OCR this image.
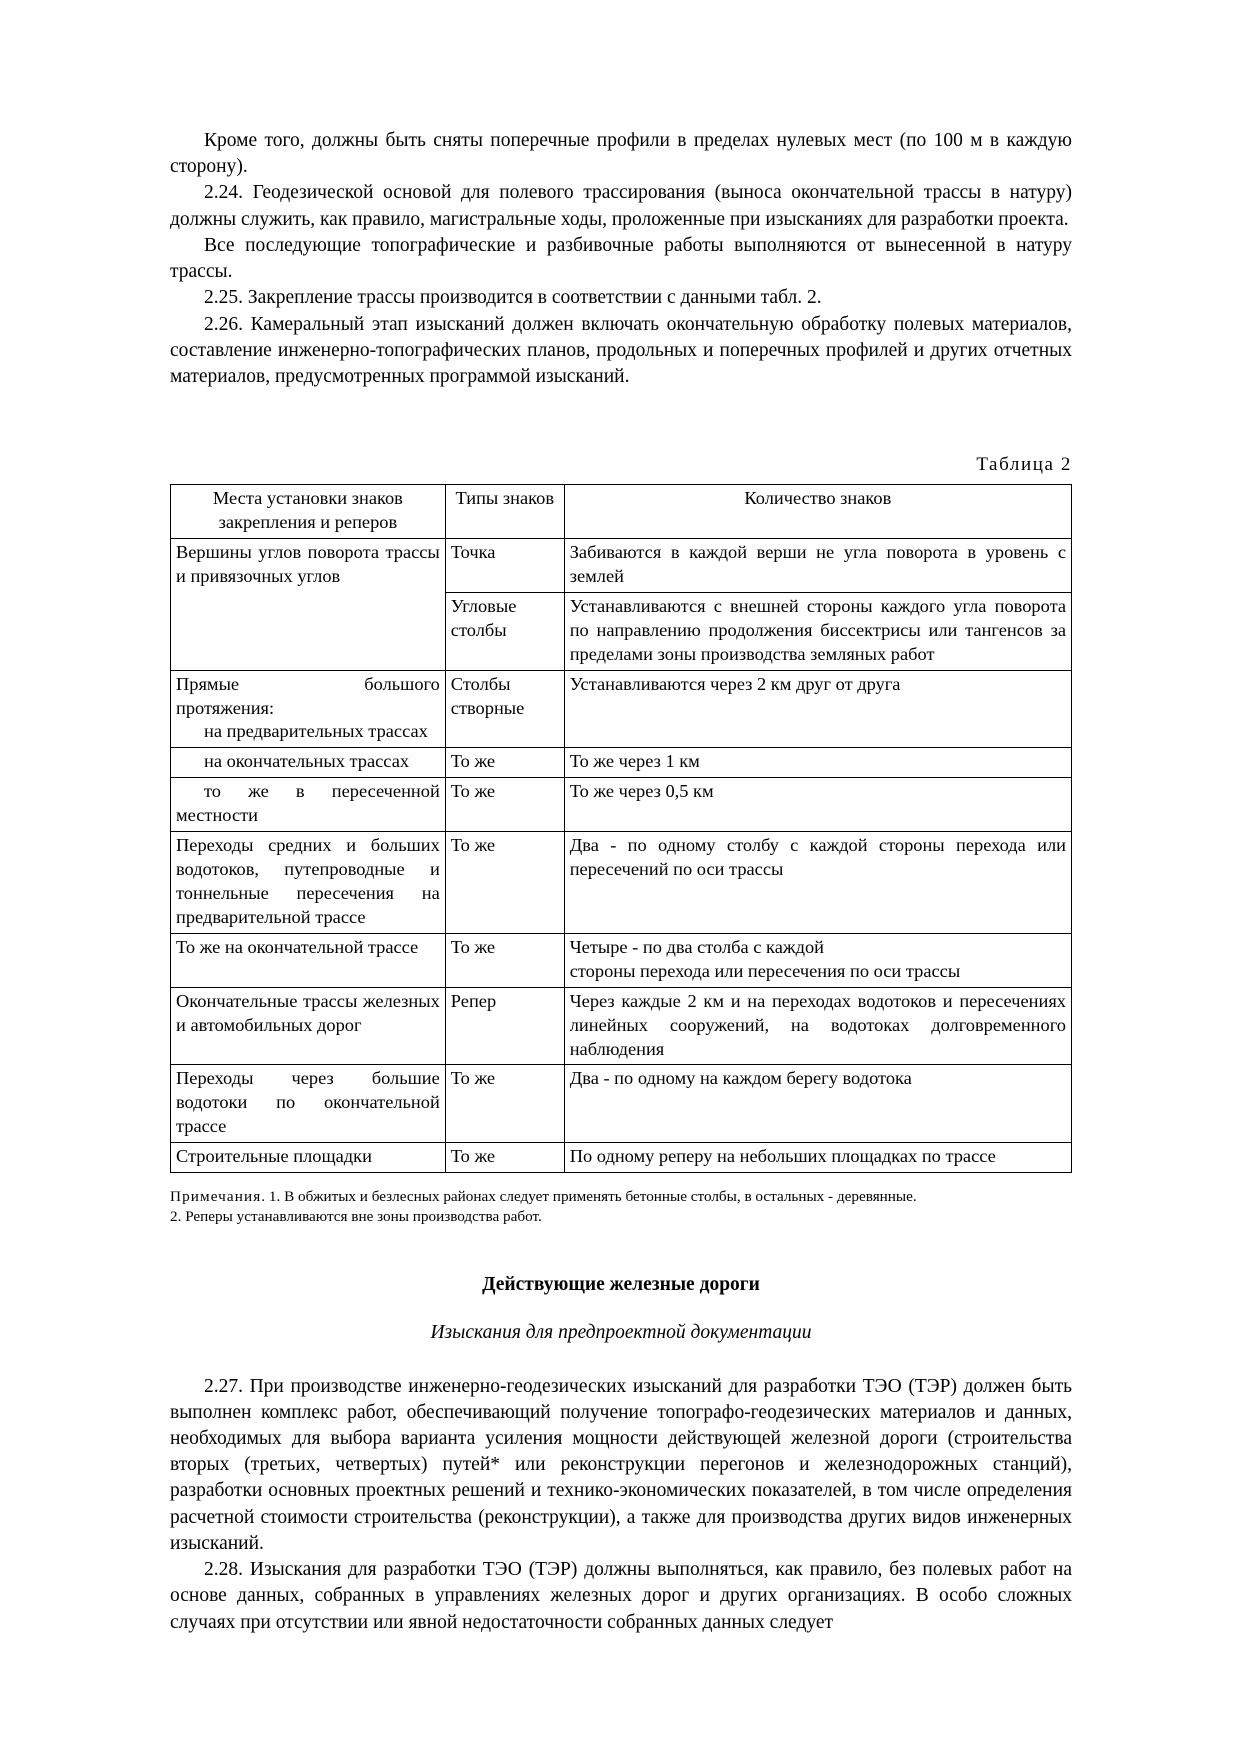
Кроме того, должны быть сняты поперечные профили в пределах нулевых мест (по 100 м в каждую сторону).

2.24. Геодезической основой для полевого трассирования (выноса окончательной трассы в натуру) должны служить, как правило, магистральные ходы, проложенные при изысканиях для разработки проекта.

Все последующие топографические и разбивочные работы выполняются от вынесенной в натуру трассы.

2.25. Закрепление трассы производится в соответствии с данными табл. 2.

2.26. Камеральный этап изысканий должен включать окончательную обработку полевых материалов, составление инженерно-топографических планов, продольных и поперечных профилей и других отчетных материалов, предусмотренных программой изысканий.

Таблица 2
Места установки знаков закрепления и реперов	Типы знаков	Количество знаков
Вершины углов поворота трассы и привязочных углов	Точка	Забиваются в каждой верши не угла поворота в уровень с землей
	Угловые столбы	Устанавливаются с внешней стороны каждого угла поворота по направлению продолжения биссектрисы или тангенсов за пределами зоны производства земляных работ

Прямые большого
протяжения:
на предварительных трассах	Столбы створные	Устанавливаются через 2 км друг от друга
на окончательных трассах	То же	То же через 1 км
то же в пересеченной местности	То же	То же через 0,5 км
Переходы средних и больших водотоков, путепроводные и тоннельные пересечения на предварительной трассе	То же	Два - по одному столбу с каждой стороны перехода или пересечений по оси трассы
То же на окончательной трассе	То же	Четыре - по два столба с каждой
стороны перехода или пересечения по оси трассы

Окончательные трассы железных и автомобильных дорог	Репер	Через каждые 2 км и на переходах водотоков и пересечениях линейных сооружений, на водотоках долговременного наблюдения
Переходы через большие водотоки по окончательной трассе	То же	Два - по одному на каждом берегу водотока
Строительные площадки	То же	По одному реперу на небольших площадках по трассе
Примечания. 1. В обжитых и безлесных районах следует применять бетонные столбы, в остальных - деревянные.
2. Реперы устанавливаются вне зоны производства работ.
Действующие железные дороги
Изыскания для предпроектной документации

2.27. При производстве инженерно-геодезических изысканий для разработки ТЭО (ТЭР) должен быть выполнен комплекс работ, обеспечивающий получение топографо-геодезических материалов и данных, необходимых для выбора варианта усиления мощности действующей железной дороги (строительства вторых (третьих, четвертых) путей* или реконструкции перегонов и железнодорожных станций), разработки основных проектных решений и технико-экономических показателей, в том числе определения расчетной стоимости строительства (реконструкции), а также для производства других видов инженерных изысканий.

2.28. Изыскания для разработки ТЭО (ТЭР) должны выполняться, как правило, без полевых работ на основе данных, собранных в управлениях железных дорог и других организациях. В особо сложных случаях при отсутствии или явной недостаточности собранных данных следует
